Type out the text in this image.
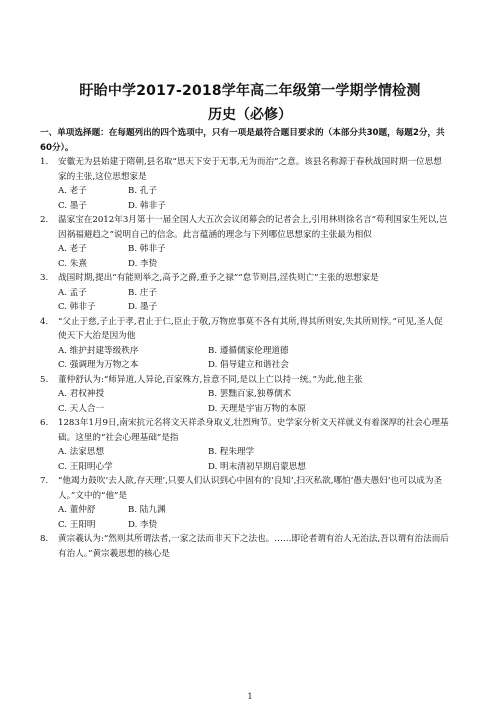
盱眙中学2017-2018学年高二年级第一学期学情检测
历史（必修）
一、单项选择题：在每题列出的四个选项中，只有一项是最符合题目要求的（本部分共30题，每题2分，共60分）。
1.	安徽无为县始建于隋朝,县名取“思天下安于无事,无为而治”之意。该县名称源于春秋战国时期一位思想家的主张,这位思想家是
A. 老子	B. 孔子
C. 墨子	D. 韩非子
2.	温家宝在2012年3月第十一届全国人大五次会议闭幕会的记者会上,引用林则徐名言“苟利国家生死以,岂因祸福避趋之”说明自己的信念。此言蕴涵的理念与下列哪位思想家的主张最为相似
A. 老子	B. 韩非子
C. 朱熹	D. 李贽
3.	战国时期,提出“有能则举之,高予之爵,重予之禄”“怠节则昌,淫佚则亡”主张的思想家是
A. 孟子	B. 庄子
C. 韩非子	D. 墨子
4.	“父止于慈,子止于孝,君止于仁,臣止于敬,万物庶事莫不各有其所,得其所则安,失其所则悖。”可见,圣人促使天下大治是因为他
A. 维护封建等级秩序	B. 遵循儒家伦理道德
C. 强调理为万物之本	D. 倡导建立和谐社会
5.	董仲舒认为:“师异道,人异论,百家殊方,旨意不同,是以上亡以持一统。”为此,他主张
A. 君权神授	B. 罢黜百家,独尊儒术
C. 天人合一	D. 天理是宇宙万物的本原
6.	1283年1月9日,南宋抗元名将文天祥杀身取义,壮烈殉节。史学家分析文天祥就义有着深厚的社会心理基础。这里的“社会心理基础”是指
A. 法家思想	B. 程朱理学
C. 王阳明心学	D. 明末清初早期启蒙思想
7.	“他竭力鼓吹‘去人欲,存天理’,只要人们认识到心中固有的‘良知’,扫灭私欲,哪怕‘愚夫愚妇’也可以成为圣人。”文中的“他”是
A. 董仲舒	B. 陆九渊
C. 王阳明	D. 李贽
8.	黄宗羲认为:“然则其所谓法者,一家之法而非天下之法也。……即论者谓有治人无治法,吾以谓有治法而后有治人。”黄宗羲思想的核心是
1
